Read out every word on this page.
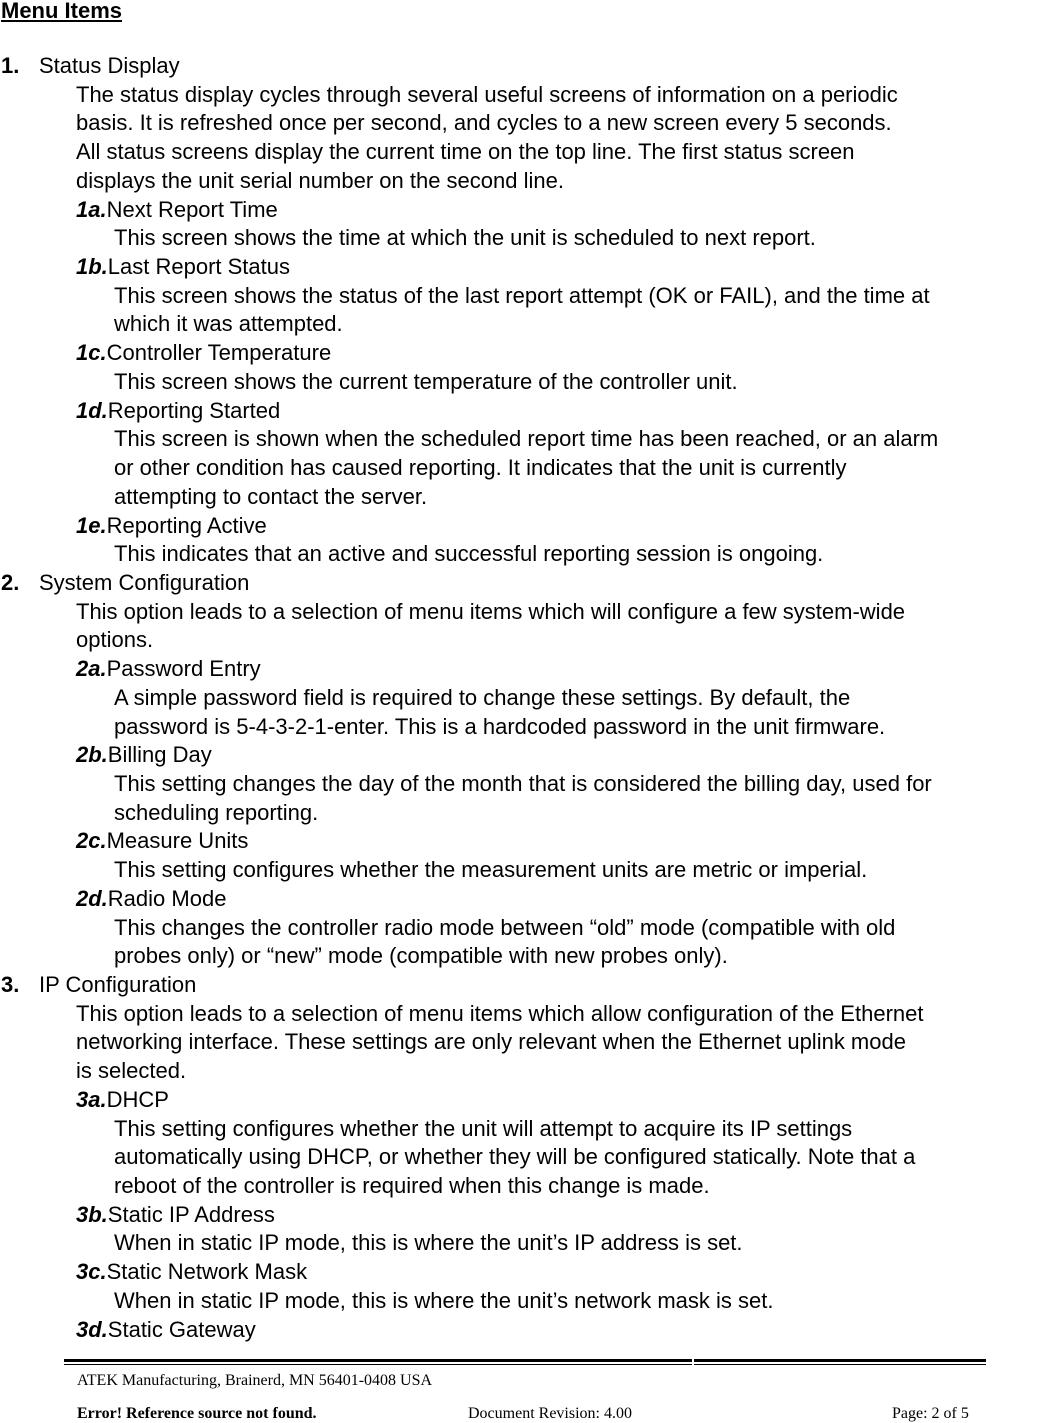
Menu Items
1. Status Display
The status display cycles through several useful screens of information on a periodic
basis. It is refreshed once per second, and cycles to a new screen every 5 seconds.
All status screens display the current time on the top line. The first status screen
displays the unit serial number on the second line.
1a.Next Report Time
This screen shows the time at which the unit is scheduled to next report.
1b.Last Report Status
This screen shows the status of the last report attempt (OK or FAIL), and the time at
which it was attempted.
1c.Controller Temperature
This screen shows the current temperature of the controller unit.
1d.Reporting Started
This screen is shown when the scheduled report time has been reached, or an alarm
or other condition has caused reporting. It indicates that the unit is currently
attempting to contact the server.
1e.Reporting Active
This indicates that an active and successful reporting session is ongoing.
2. System Configuration
This option leads to a selection of menu items which will configure a few system-wide
options.
2a.Password Entry
A simple password field is required to change these settings. By default, the
password is 5-4-3-2-1-enter. This is a hardcoded password in the unit firmware.
2b.Billing Day
This setting changes the day of the month that is considered the billing day, used for
scheduling reporting.
2c.Measure Units
This setting configures whether the measurement units are metric or imperial.
2d.Radio Mode
This changes the controller radio mode between “old” mode (compatible with old
probes only) or “new” mode (compatible with new probes only).
3. IP Configuration
This option leads to a selection of menu items which allow configuration of the Ethernet
networking interface. These settings are only relevant when the Ethernet uplink mode
is selected.
3a.DHCP
This setting configures whether the unit will attempt to acquire its IP settings
automatically using DHCP, or whether they will be configured statically. Note that a
reboot of the controller is required when this change is made.
3b.Static IP Address
When in static IP mode, this is where the unit’s IP address is set.
3c.Static Network Mask
When in static IP mode, this is where the unit’s network mask is set.
3d.Static Gateway
ATEK Manufacturing, Brainerd, MN 56401-0408 USA
Error! Reference source not found.	Document Revision: 4.00	Page: 2 of 5
